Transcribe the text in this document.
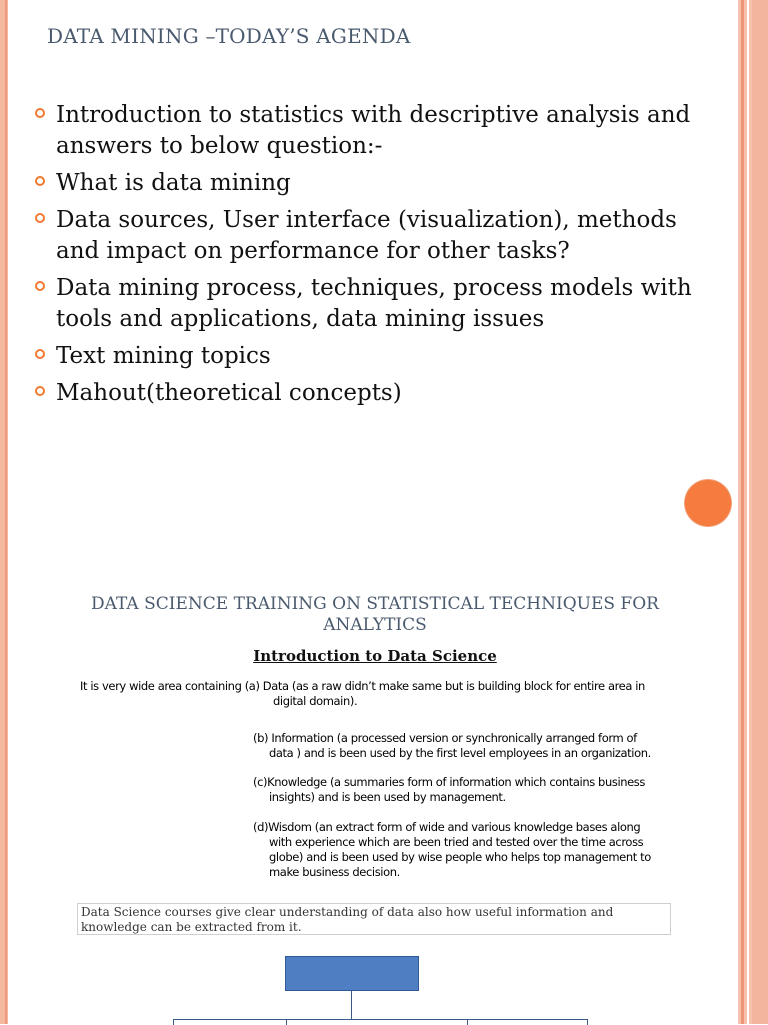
DATA MINING –TODAY’S AGENDA
Introduction to statistics with descriptive analysis and answers to below question:-
What is data mining
Data sources, User interface (visualization), methods and impact on performance for other tasks?
Data mining process, techniques, process models with tools and applications, data mining issues
Text mining topics
Mahout(theoretical concepts)
DATA SCIENCE TRAINING ON STATISTICAL TECHNIQUES FOR ANALYTICS
Introduction to Data Science
It is very wide area containing (a) Data (as a raw didn’t make same but is building block for entire area in
digital domain).
(b) Information (a processed version or synchronically arranged form of
data ) and is been used by the first level employees in an organization.
(c)Knowledge (a summaries form of information which contains business
insights) and is been used by management.
(d)Wisdom (an extract form of wide and various knowledge bases along
with experience which are been tried and tested over the time across
globe) and is been used by wise people who helps top management to
make business decision.
Data Science courses give clear understanding of data also how useful information and knowledge can be extracted from it.
